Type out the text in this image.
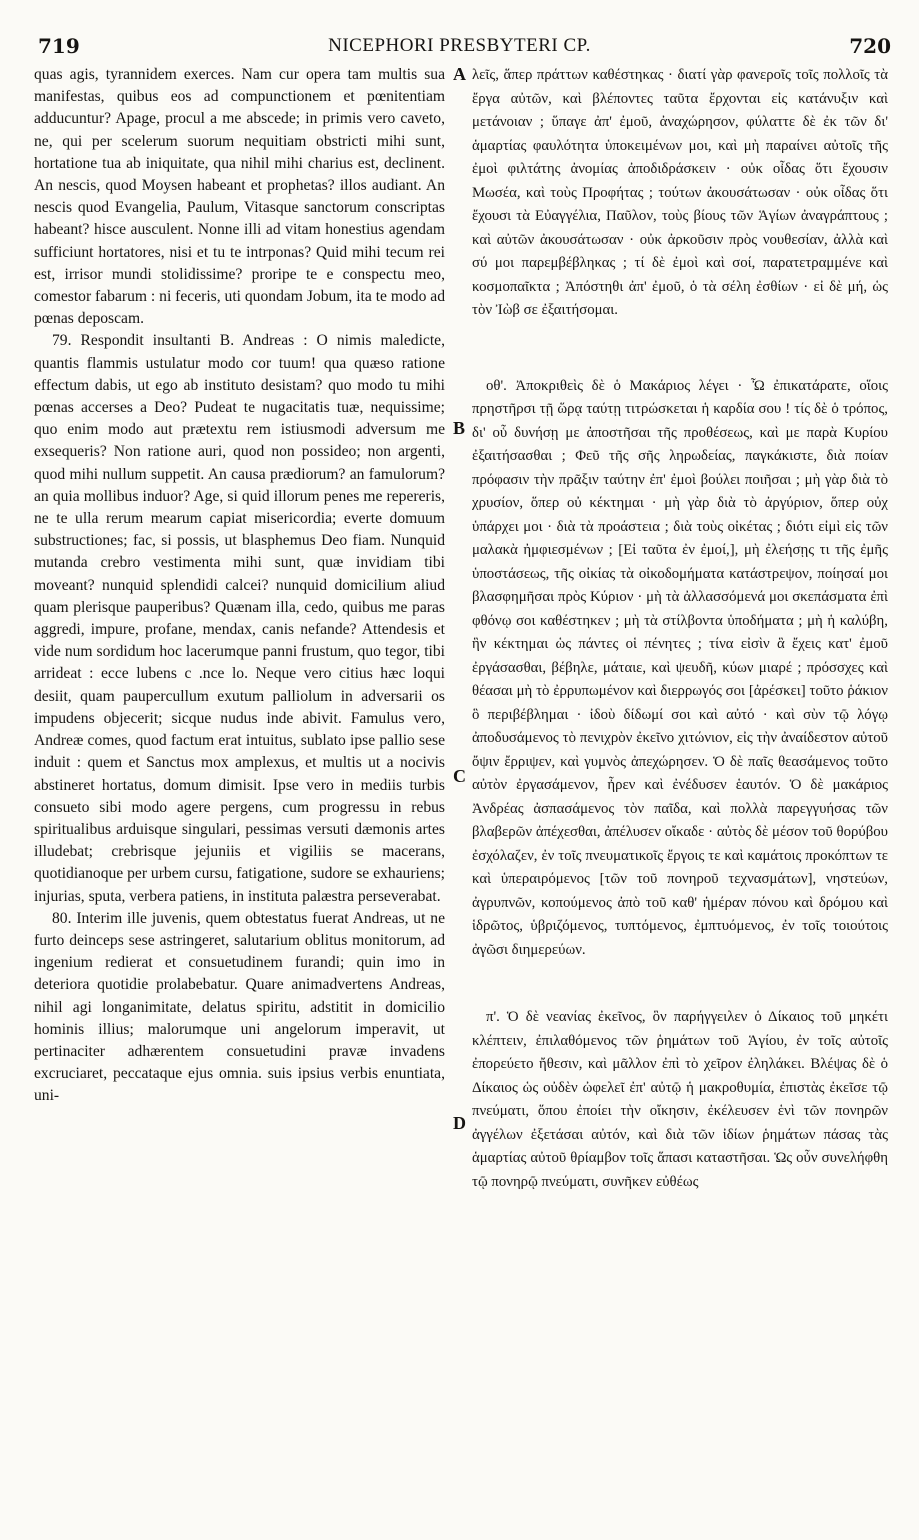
719	NICEPHORI PRESBYTERI CP.	720

quas agis, tyrannidem exerces. Nam cur opera tam multis sua manifestas, quibus eos ad compunctionem et pœnitentiam adducuntur? Apage, procul a me abscede; in primis vero caveto, ne, qui per scelerum suorum nequitiam obstricti mihi sunt, hortatione tua ab iniquitate, qua nihil mihi charius est, declinent. An nescis, quod Moysen habeant et prophetas? illos audiant. An nescis quod Evangelia, Paulum, Vitasque sanctorum conscriptas habeant? hisce ausculent. Nonne illi ad vitam honestius agendam sufficiunt hortatores, nisi et tu te intrponas? Quid mihi tecum rei est, irrisor mundi stolidissime? proripe te e conspectu meo, comestor fabarum : ni feceris, uti quondam Jobum, ita te modo ad pœnas deposcam.

79. Respondit insultanti B. Andreas : O nimis maledicte, quantis flammis ustulatur modo cor tuum! qua quæso ratione effectum dabis, ut ego ab instituto desistam? quo modo tu mihi pœnas accerses a Deo? Pudeat te nugacitatis tuæ, nequissime; quo enim modo aut prætextu rem istiusmodi adversum me exsequeris? Non ratione auri, quod non possideo; non argenti, quod mihi nullum suppetit. An causa prædiorum? an famulorum? an quia mollibus induor? Age, si quid illorum penes me repereris, ne te ulla rerum mearum capiat misericordia; everte domuum substructiones; fac, si possis, ut blasphemus Deo fiam. Nunquid mutanda crebro vestimenta mihi sunt, quæ invidiam tibi moveant? nunquid splendidi calcei? nunquid domicilium aliud quam plerisque pauperibus? Quænam illa, cedo, quibus me paras aggredi, impure, profane, mendax, canis nefande? Attendesis et vide num sordidum hoc lacerumque panni frustum, quo tegor, tibi arrideat : ecce lubens c .nce lo. Neque vero citius hæc loqui desiit, quam paupercullum exutum palliolum in adversarii os impudens objecerit; sicque nudus inde abivit. Famulus vero, Andreæ comes, quod factum erat intuitus, sublato ipse pallio sese induit : quem et Sanctus mox amplexus, et multis ut a nocivis abstineret hortatus, domum dimisit. Ipse vero in mediis turbis consueto sibi modo agere pergens, cum progressu in rebus spiritualibus arduisque singulari, pessimas versuti dæmonis artes illudebat; crebrisque jejuniis et vigiliis se macerans, quotidianoque per urbem cursu, fatigatione, sudore se exhauriens; injurias, sputa, verbera patiens, in instituta palæstra perseverabat.

80. Interim ille juvenis, quem obtestatus fuerat Andreas, ut ne furto deinceps sese astringeret, salutarium oblitus monitorum, ad ingenium redierat et consuetudinem furandi; quin imo in deteriora quotidie prolabebatur. Quare animadvertens Andreas, nihil agi longanimitate, delatus spiritu, adstitit in domicilio hominis illius; malorumque uni angelorum imperavit, ut pertinaciter adhærentem consuetudini pravæ invadens excruciaret, peccataque ejus omnia. suis ipsius verbis enuntiata, uni-

A
B
C
D

λεῖς, ἅπερ πράττων καθέστηκας · διατί γὰρ φανεροῖς τοῖς πολλοῖς τὰ ἔργα αὐτῶν, καὶ βλέποντες ταῦτα ἔρχονται εἰς κατάνυξιν καὶ μετάνοιαν ; ὕπαγε ἀπ' ἐμοῦ, ἀναχώρησον, φύλαττε δὲ ἐκ τῶν δι' ἁμαρτίας φαυλότητα ὑποκειμένων μοι, καὶ μὴ παραίνει αὐτοῖς τῆς ἐμοὶ φιλτάτης ἀνομίας ἀποδιδράσκειν · οὐκ οἶδας ὅτι ἔχουσιν Μωσέα, καὶ τοὺς Προφήτας ; τούτων ἀκουσάτωσαν · οὐκ οἶδας ὅτι ἔχουσι τὰ Εὐαγγέλια, Παῦλον, τοὺς βίους τῶν Ἁγίων ἀναγράπτους ; καὶ αὐτῶν ἀκουσάτωσαν · οὐκ ἀρκοῦσιν πρὸς νουθεσίαν, ἀλλὰ καὶ σύ μοι παρεμβέβληκας ; τί δὲ ἐμοὶ καὶ σοί, παρατετραμμένε καὶ κοσμοπαῖκτα ; Ἀπόστηθι ἀπ' ἐμοῦ, ὁ τὰ σέλη ἐσθίων · εἰ δὲ μή, ὡς τὸν Ἰὼβ σε ἐξαιτήσομαι.

οθ'. Ἀποκριθεὶς δὲ ὁ Μακάριος λέγει · Ὦ ἐπικατάρατε, οἵοις πρηστῆρσι τῇ ὥρᾳ ταύτῃ τιτρώσκεται ἡ καρδία σου ! τίς δὲ ὁ τρόπος, δι' οὗ δυνήσῃ με ἀποστῆσαι τῆς προθέσεως, καὶ με παρὰ Κυρίου ἐξαιτήσασθαι ; Φεῦ τῆς σῆς ληρωδείας, παγκάκιστε, διὰ ποίαν πρόφασιν τὴν πρᾶξιν ταύτην ἐπ' ἐμοὶ βούλει ποιῆσαι ; μὴ γὰρ διὰ τὸ χρυσίον, ὅπερ οὐ κέκτημαι · μὴ γὰρ διὰ τὸ ἀργύριον, ὅπερ οὐχ ὑπάρχει μοι · διὰ τὰ προάστεια ; διὰ τοὺς οἰκέτας ; διότι εἰμὶ εἰς τῶν μαλακὰ ἠμφιεσμένων ; [Εἰ ταῦτα ἐν ἐμοί,], μὴ ἐλεήσῃς τι τῆς ἐμῆς ὑποστάσεως, τῆς οἰκίας τὰ οἰκοδομήματα κατάστρεψον, ποίησαί μοι βλασφημῆσαι πρὸς Κύριον · μὴ τὰ ἀλλασσόμενά μοι σκεπάσματα ἐπὶ φθόνῳ σοι καθέστηκεν ; μὴ τὰ στίλβοντα ὑποδήματα ; μὴ ἡ καλύβη, ἣν κέκτημαι ὡς πάντες οἱ πένητες ; τίνα εἰσὶν ἃ ἔχεις κατ' ἐμοῦ ἐργάσασθαι, βέβηλε, μάταιε, καὶ ψευδῆ, κύων μιαρέ ; πρόσσχες καὶ θέασαι μὴ τὸ ἐρρυπωμένον καὶ διερρωγός σοι [ἀρέσκει] τοῦτο ῥάκιον ὃ περιβέβλημαι · ἰδοὺ δίδωμί σοι καὶ αὐτό · καὶ σὺν τῷ λόγῳ ἀποδυσάμενος τὸ πενιχρὸν ἐκεῖνο χιτώνιον, εἰς τὴν ἀναίδεστον αὐτοῦ ὄψιν ἔρριψεν, καὶ γυμνὸς ἀπεχώρησεν. Ὁ δὲ παῖς θεασάμενος τοῦτο αὐτὸν ἐργασάμενον, ἦρεν καὶ ἐνέδυσεν ἑαυτόν. Ὁ δὲ μακάριος Ἀνδρέας ἀσπασάμενος τὸν παῖδα, καὶ πολλὰ παρεγγυήσας τῶν βλαβερῶν ἀπέχεσθαι, ἀπέλυσεν οἴκαδε · αὐτὸς δὲ μέσον τοῦ θορύβου ἐσχόλαζεν, ἐν τοῖς πνευματικοῖς ἔργοις τε καὶ καμάτοις προκόπτων τε καὶ ὑπεραιρόμενος [τῶν τοῦ πονηροῦ τεχνασμάτων], νηστεύων, ἀγρυπνῶν, κοπούμενος ἀπὸ τοῦ καθ' ἡμέραν πόνου καὶ δρόμου καὶ ἱδρῶτος, ὑβριζόμενος, τυπτόμενος, ἐμπτυόμενος, ἐν τοῖς τοιούτοις ἀγῶσι διημερεύων.

π'. Ὁ δὲ νεανίας ἐκεῖνος, ὃν παρήγγειλεν ὁ Δίκαιος τοῦ μηκέτι κλέπτειν, ἐπιλαθόμενος τῶν ῥημάτων τοῦ Ἁγίου, ἐν τοῖς αὐτοῖς ἐπορεύετο ἤθεσιν, καὶ μᾶλλον ἐπὶ τὸ χεῖρον ἐληλάκει. Βλέψας δὲ ὁ Δίκαιος ὡς οὐδὲν ὠφελεῖ ἐπ' αὐτῷ ἡ μακροθυμία, ἐπιστὰς ἐκεῖσε τῷ πνεύματι, ὅπου ἐποίει τὴν οἴκησιν, ἐκέλευσεν ἑνὶ τῶν πονηρῶν ἀγγέλων ἐξετάσαι αὐτόν, καὶ διὰ τῶν ἰδίων ῥημάτων πάσας τὰς ἁμαρτίας αὐτοῦ θρίαμβον τοῖς ἅπασι καταστῆσαι. Ὡς οὖν συνελήφθη τῷ πονηρῷ πνεύματι, συνῆκεν εὐθέως
